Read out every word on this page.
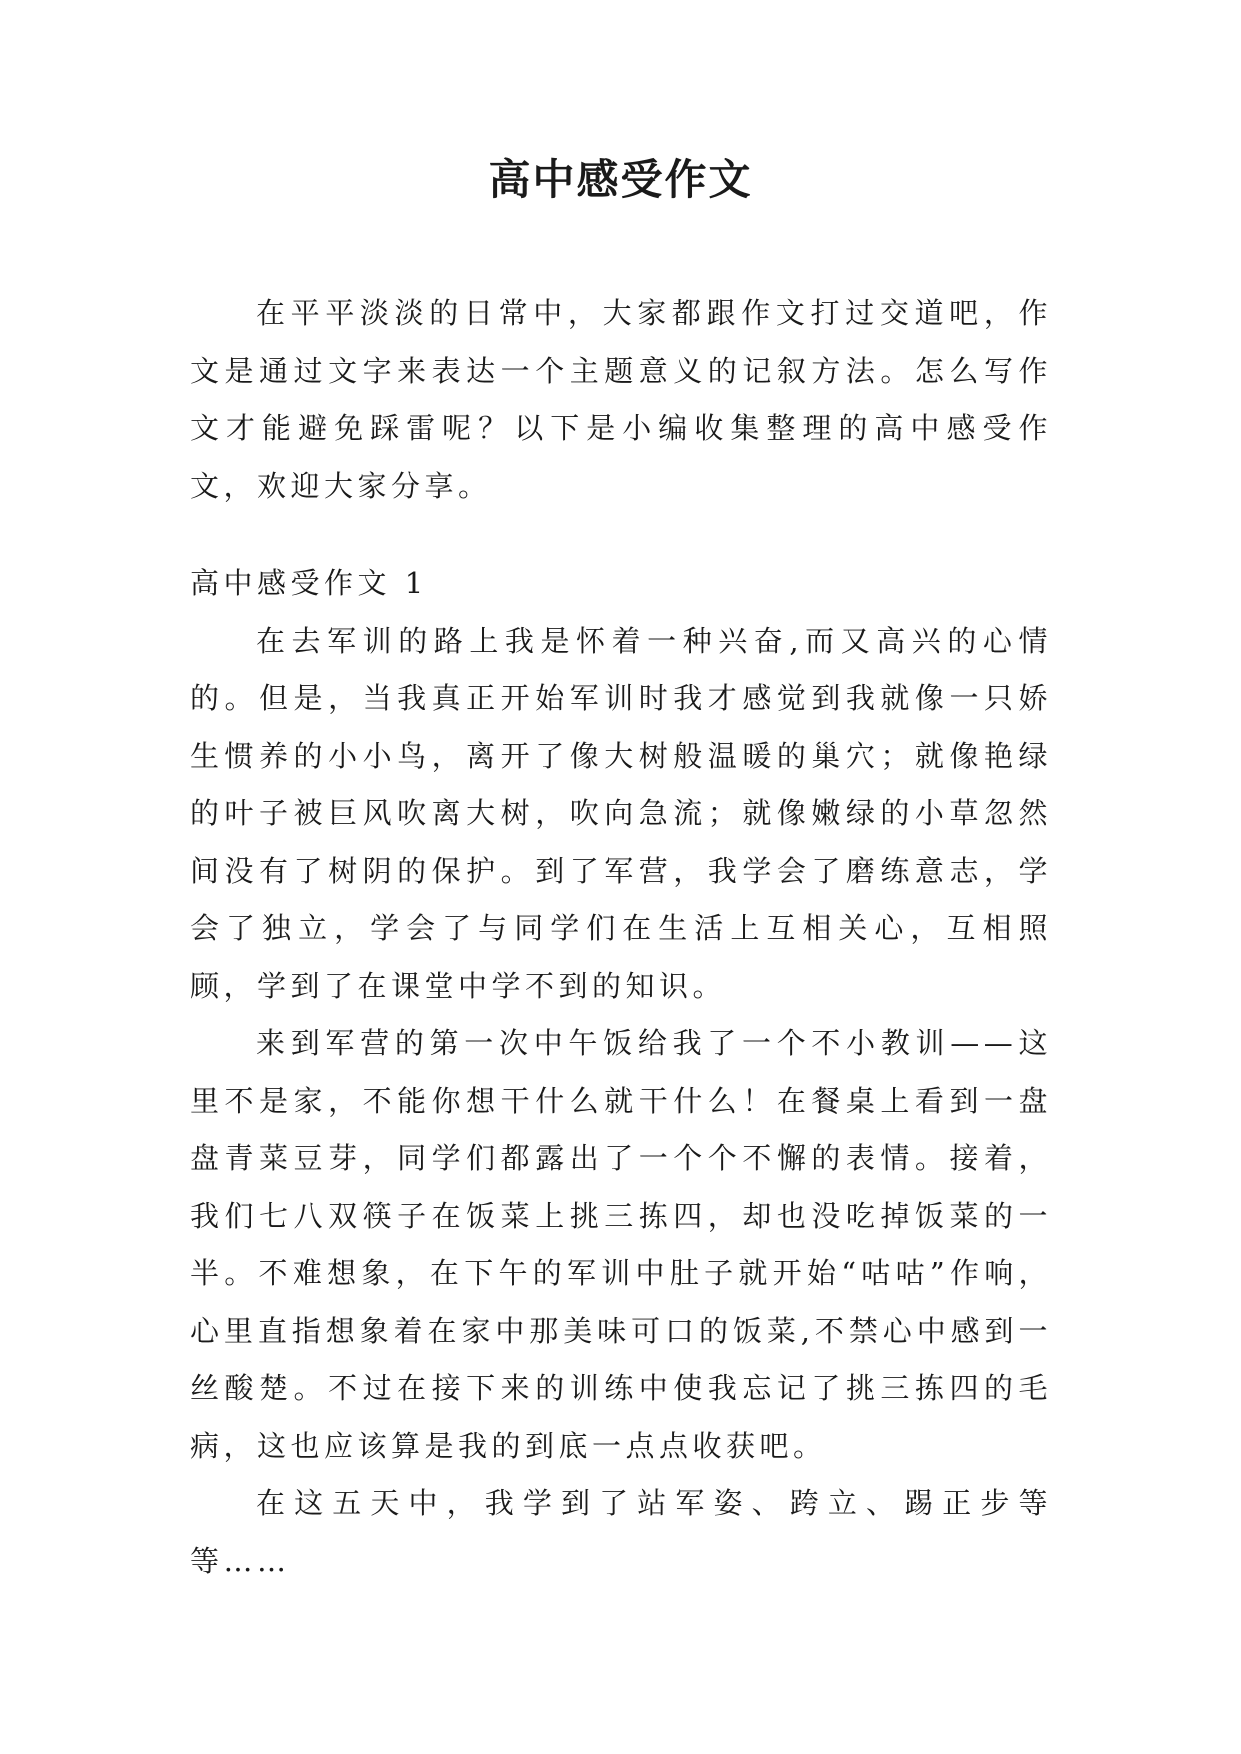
高中感受作文

在平平淡淡的日常中，大家都跟作文打过交道吧，作文是通过文字来表达一个主题意义的记叙方法。怎么写作文才能避免踩雷呢？以下是小编收集整理的高中感受作文，欢迎大家分享。

高中感受作文 1

在去军训的路上我是怀着一种兴奋,而又高兴的心情的。但是，当我真正开始军训时我才感觉到我就像一只娇生惯养的小小鸟，离开了像大树般温暖的巢穴；就像艳绿的叶子被巨风吹离大树，吹向急流；就像嫩绿的小草忽然间没有了树阴的保护。到了军营，我学会了磨练意志，学会了独立，学会了与同学们在生活上互相关心，互相照顾，学到了在课堂中学不到的知识。

来到军营的第一次中午饭给我了一个不小教训——这里不是家，不能你想干什么就干什么！在餐桌上看到一盘盘青菜豆芽，同学们都露出了一个个不懈的表情。接着，我们七八双筷子在饭菜上挑三拣四，却也没吃掉饭菜的一半。不难想象，在下午的军训中肚子就开始“咕咕”作响，心里直指想象着在家中那美味可口的饭菜,不禁心中感到一丝酸楚。不过在接下来的训练中使我忘记了挑三拣四的毛病，这也应该算是我的到底一点点收获吧。

在这五天中，我学到了站军姿、跨立、踢正步等等……
